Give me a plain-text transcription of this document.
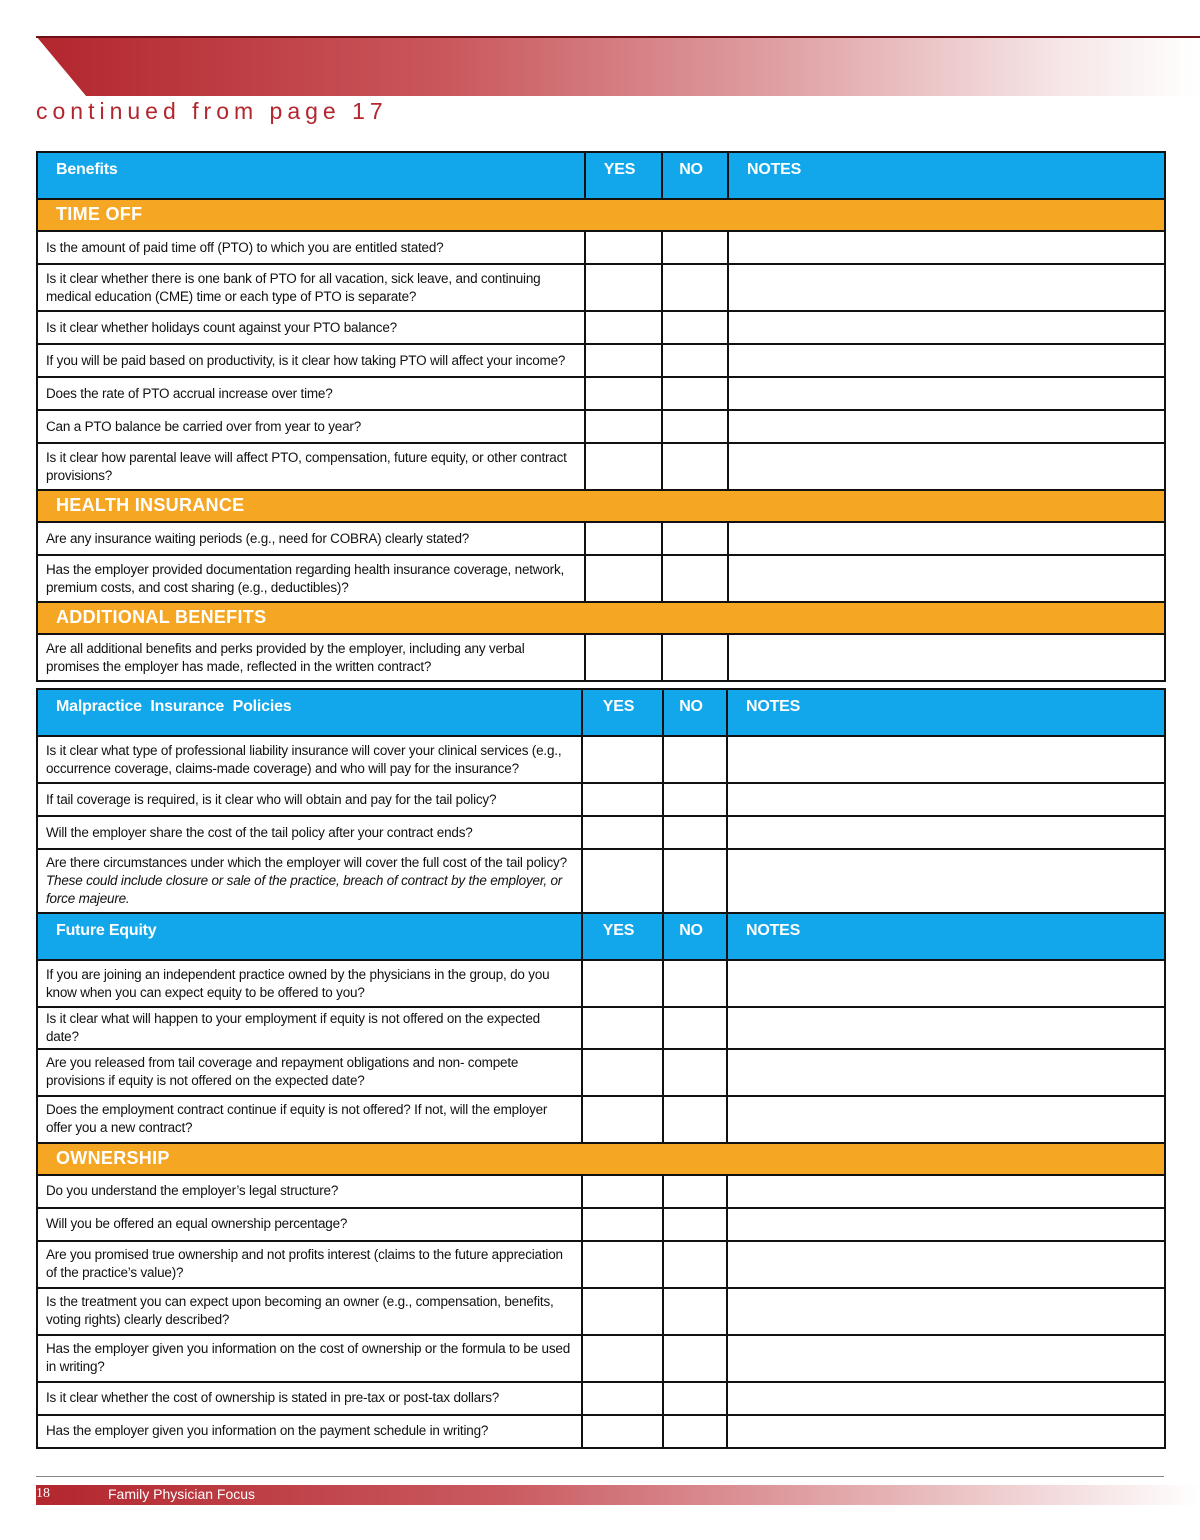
continued from page 17
Benefits	YES	NO	NOTES
TIME OFF			
Is the amount of paid time off (PTO) to which you are entitled stated?			
Is it clear whether there is one bank of PTO for all vacation, sick leave, and continuing medical education (CME) time or each type of PTO is separate?			
Is it clear whether holidays count against your PTO balance?			
If you will be paid based on productivity, is it clear how taking PTO will affect your income?			
Does the rate of PTO accrual increase over time?			
Can a PTO balance be carried over from year to year?			
Is it clear how parental leave will affect PTO, compensation, future equity, or other contract provisions?			
HEALTH INSURANCE			
Are any insurance waiting periods (e.g., need for COBRA) clearly stated?			
Has the employer provided documentation regarding health insurance coverage, network, premium costs, and cost sharing (e.g., deductibles)?			
ADDITIONAL BENEFITS			
Are all additional benefits and perks provided by the employer, including any verbal promises the employer has made, reflected in the written contract?			
Malpractice  Insurance  Policies	YES	NO	NOTES
Is it clear what type of professional liability insurance will cover your clinical services (e.g., occurrence coverage, claims-made coverage) and who will pay for the insurance?			
If tail coverage is required, is it clear who will obtain and pay for the tail policy?			
Will the employer share the cost of the tail policy after your contract ends?			
Are there circumstances under which the employer will cover the full cost of the tail policy? These could include closure or sale of the practice, breach of contract by the employer, or force majeure.			
Future Equity	YES	NO	NOTES
If you are joining an independent practice owned by the physicians in the group, do you know when you can expect equity to be offered to you?			
Is it clear what will happen to your employment if equity is not offered on the expected date?			
Are you released from tail coverage and repayment obligations and non- compete provisions if equity is not offered on the expected date?			
Does the employment contract continue if equity is not offered? If not, will the employer offer you a new contract?			
OWNERSHIP			
Do you understand the employer’s legal structure?			
Will you be offered an equal ownership percentage?			
Are you promised true ownership and not profits interest (claims to the future appreciation of the practice’s value)?			
Is the treatment you can expect upon becoming an owner (e.g., compensation, benefits, voting rights) clearly described?			
Has the employer given you information on the cost of ownership or the formula to be used in writing?			
Is it clear whether the cost of ownership is stated in pre-tax or post-tax dollars?			
Has the employer given you information on the payment schedule in writing?			
18	Family Physician Focus
